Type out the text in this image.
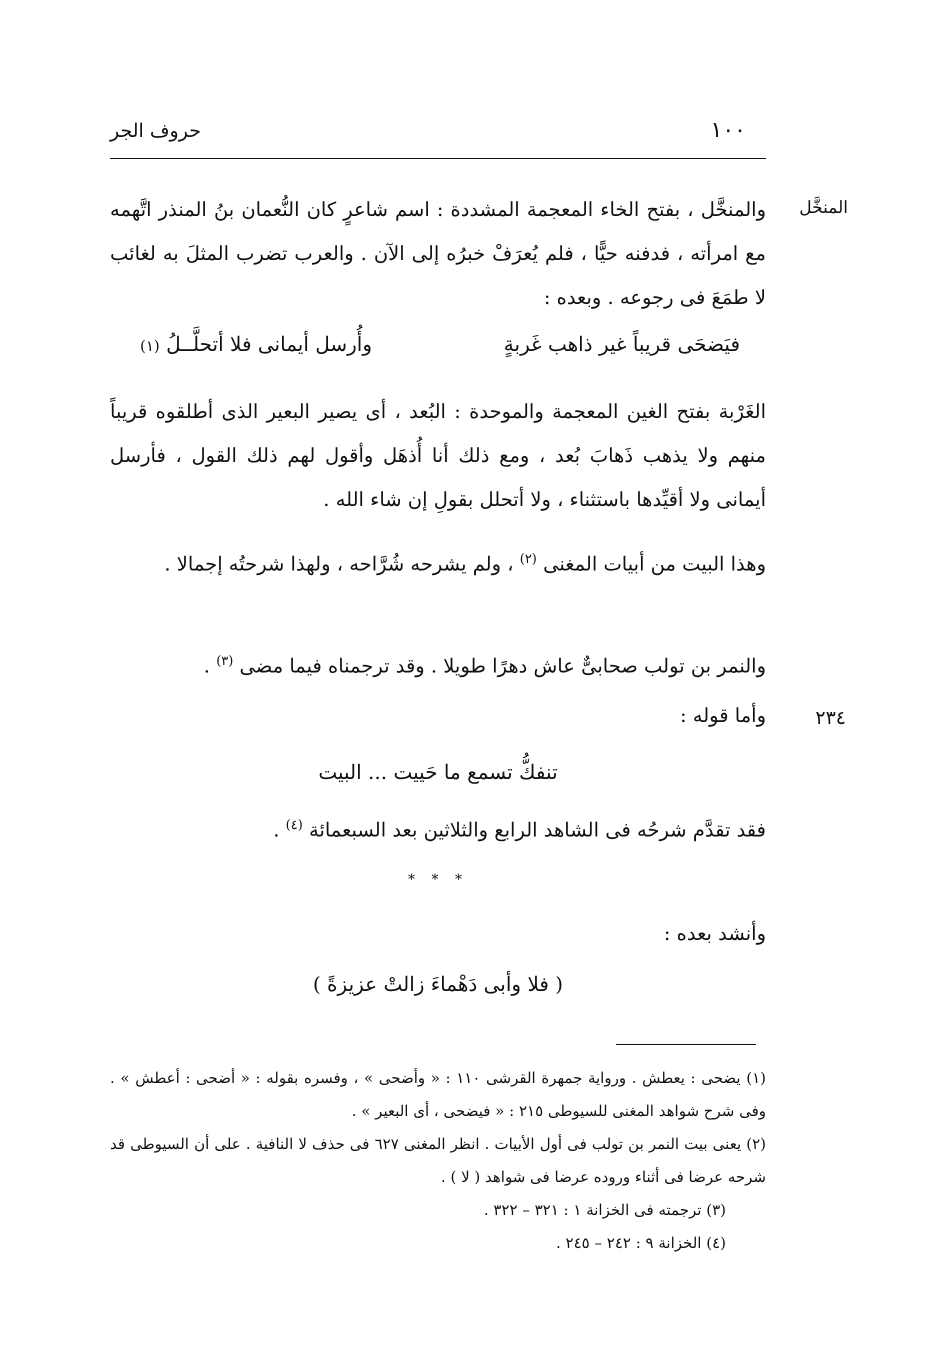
١٠٠
حروف الجر
المنخَّل
٢٣٤

والمنخَّل ، بفتح الخاء المعجمة المشددة : اسم شاعرٍ كان النُّعمان بنُ المنذر اتَّهمه مع امرأته ، فدفنه حيًّا ، فلم يُعرَفْ خبرُه إلى الآن . والعرب تضرب المثلَ به لغائب لا طمَعَ فى رجوعه . وبعده :

فيَضحَى قريباً غير ذاهب غَربةٍ
وأُرسل أيمانى فلا أتحلَّــلُ (١)

الغَرْبة بفتح الغين المعجمة والموحدة : البُعد ، أى يصير البعير الذى أطلقوه قريباً منهم ولا يذهب ذَهابَ بُعد ، ومع ذلك أنا أُذهَل وأقول لهم ذلك القول ، فأرسل أيمانى ولا أقيِّدها باستثناء ، ولا أتحلل بقولِ إن شاء الله .

وهذا البيت من أبيات المغنى $^{(٢)}$ ، ولم يشرحه شُرَّاحه ، ولهذا شرحتُه إجمالا .

والنمر بن تولب صحابىٌّ عاش دهرًا طويلا . وقد ترجمناه فيما مضى $^{(٣)}$ .

وأما قوله :

تنفكُّ تسمع ما حَييت ... البيت

فقد تقدَّم شرحُه فى الشاهد الرابع والثلاثين بعد السبعمائة $^{(٤)}$ .

* * *

وأنشد بعده :

( فلا وأبى دَهْماءَ زالتْ عزيزةً )

(١) يضحى : يعطش . ورواية جمهرة القرشى ١١٠ : « وأضحى » ، وفسره بقوله : « أضحى : أعطش » . وفى شرح شواهد المغنى للسيوطى ٢١٥ : « فيضحى ، أى البعير » .

(٢) يعنى بيت النمر بن تولب فى أول الأبيات . انظر المغنى ٦٢٧ فى حذف لا النافية . على أن السيوطى قد شرحه عرضا فى أثناء وروده عرضا فى شواهد ( لا ) .

(٣) ترجمته فى الخزانة ١ : ٣٢١ – ٣٢٢ .

(٤) الخزانة ٩ : ٢٤٢ – ٢٤٥ .
